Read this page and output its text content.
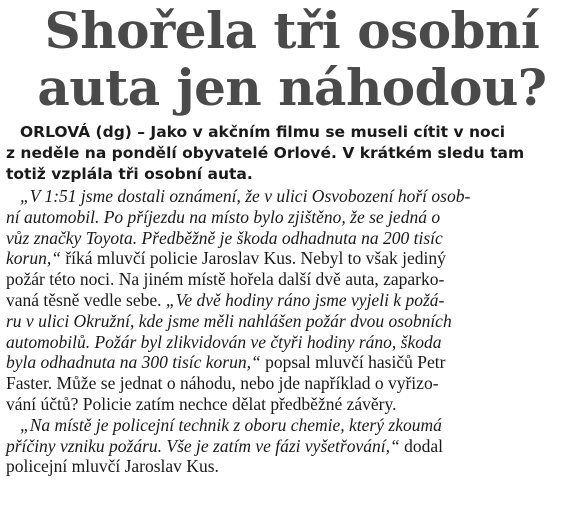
Shořela tři osobní
auta jen náhodou?

ORLOVÁ (dg) – Jako v akčním filmu se museli cítit v noci
z neděle na pondělí obyvatelé Orlové. V krátkém sledu tam
totiž vzplála tři osobní auta.

„V 1:51 jsme dostali oznámení, že v ulici Osvobození hoří osob-
ní automobil. Po příjezdu na místo bylo zjištěno, že se jedná o
vůz značky Toyota. Předběžně je škoda odhadnuta na 200 tisíc
korun,“ říká mluvčí policie Jaroslav Kus. Nebyl to však jediný
požár této noci. Na jiném místě hořela další dvě auta, zaparko-
vaná těsně vedle sebe. „Ve dvě hodiny ráno jsme vyjeli k požá-
ru v ulici Okružní, kde jsme měli nahlášen požár dvou osobních
automobilů. Požár byl zlikvidován ve čtyři hodiny ráno, škoda
byla odhadnuta na 300 tisíc korun,“ popsal mluvčí hasičů Petr
Faster. Může se jednat o náhodu, nebo jde například o vyřizo-
vání účtů? Policie zatím nechce dělat předběžné závěry.
„Na místě je policejní technik z oboru chemie, který zkoumá
příčiny vzniku požáru. Vše je zatím ve fázi vyšetřování,“ dodal
policejní mluvčí Jaroslav Kus.
